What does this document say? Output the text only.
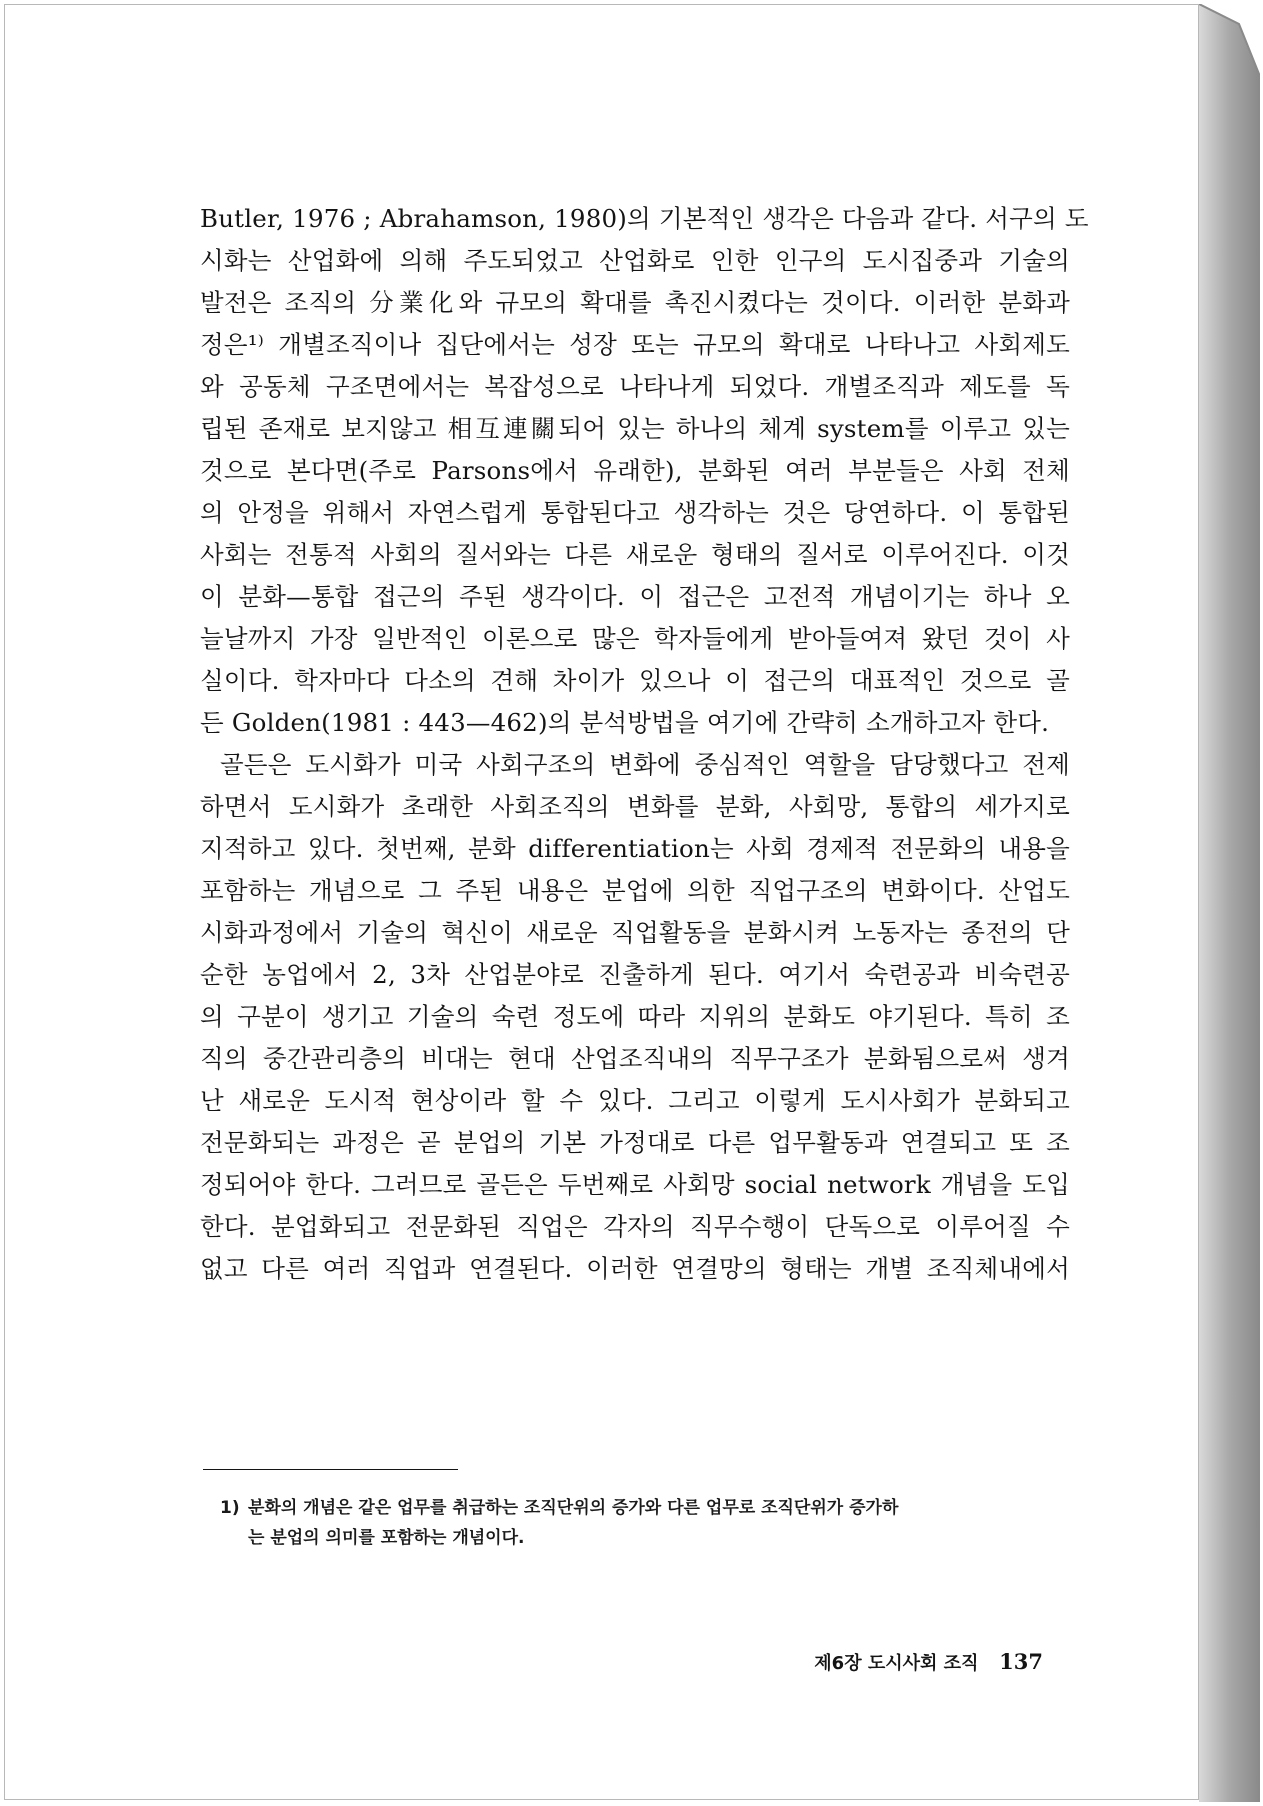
Butler, 1976 ; Abrahamson, 1980)의 기본적인 생각은 다음과 같다. 서구의 도
시화는 산업화에 의해 주도되었고 산업화로 인한 인구의 도시집중과 기술의
발전은 조직의 分業化와 규모의 확대를 촉진시켰다는 것이다. 이러한 분화과
정은¹⁾ 개별조직이나 집단에서는 성장 또는 규모의 확대로 나타나고 사회제도
와 공동체 구조면에서는 복잡성으로 나타나게 되었다. 개별조직과 제도를 독
립된 존재로 보지않고 相互連關되어 있는 하나의 체계 system를 이루고 있는
것으로 본다면(주로 Parsons에서 유래한), 분화된 여러 부분들은 사회 전체
의 안정을 위해서 자연스럽게 통합된다고 생각하는 것은 당연하다. 이 통합된
사회는 전통적 사회의 질서와는 다른 새로운 형태의 질서로 이루어진다. 이것
이 분화—통합 접근의 주된 생각이다. 이 접근은 고전적 개념이기는 하나 오
늘날까지 가장 일반적인 이론으로 많은 학자들에게 받아들여져 왔던 것이 사
실이다. 학자마다 다소의 견해 차이가 있으나 이 접근의 대표적인 것으로 골
든 Golden(1981 : 443—462)의 분석방법을 여기에 간략히 소개하고자 한다.
골든은 도시화가 미국 사회구조의 변화에 중심적인 역할을 담당했다고 전제
하면서 도시화가 초래한 사회조직의 변화를 분화, 사회망, 통합의 세가지로
지적하고 있다. 첫번째, 분화 differentiation는 사회 경제적 전문화의 내용을
포함하는 개념으로 그 주된 내용은 분업에 의한 직업구조의 변화이다. 산업도
시화과정에서 기술의 혁신이 새로운 직업활동을 분화시켜 노동자는 종전의 단
순한 농업에서 2, 3차 산업분야로 진출하게 된다. 여기서 숙련공과 비숙련공
의 구분이 생기고 기술의 숙련 정도에 따라 지위의 분화도 야기된다. 특히 조
직의 중간관리층의 비대는 현대 산업조직내의 직무구조가 분화됨으로써 생겨
난 새로운 도시적 현상이라 할 수 있다. 그리고 이렇게 도시사회가 분화되고
전문화되는 과정은 곧 분업의 기본 가정대로 다른 업무활동과 연결되고 또 조
정되어야 한다. 그러므로 골든은 두번째로 사회망 social network 개념을 도입
한다. 분업화되고 전문화된 직업은 각자의 직무수행이 단독으로 이루어질 수
없고 다른 여러 직업과 연결된다. 이러한 연결망의 형태는 개별 조직체내에서
1) 분화의 개념은 같은 업무를 취급하는 조직단위의 증가와 다른 업무로 조직단위가 증가하
는 분업의 의미를 포함하는 개념이다.
제6장 도시사회 조직 137
